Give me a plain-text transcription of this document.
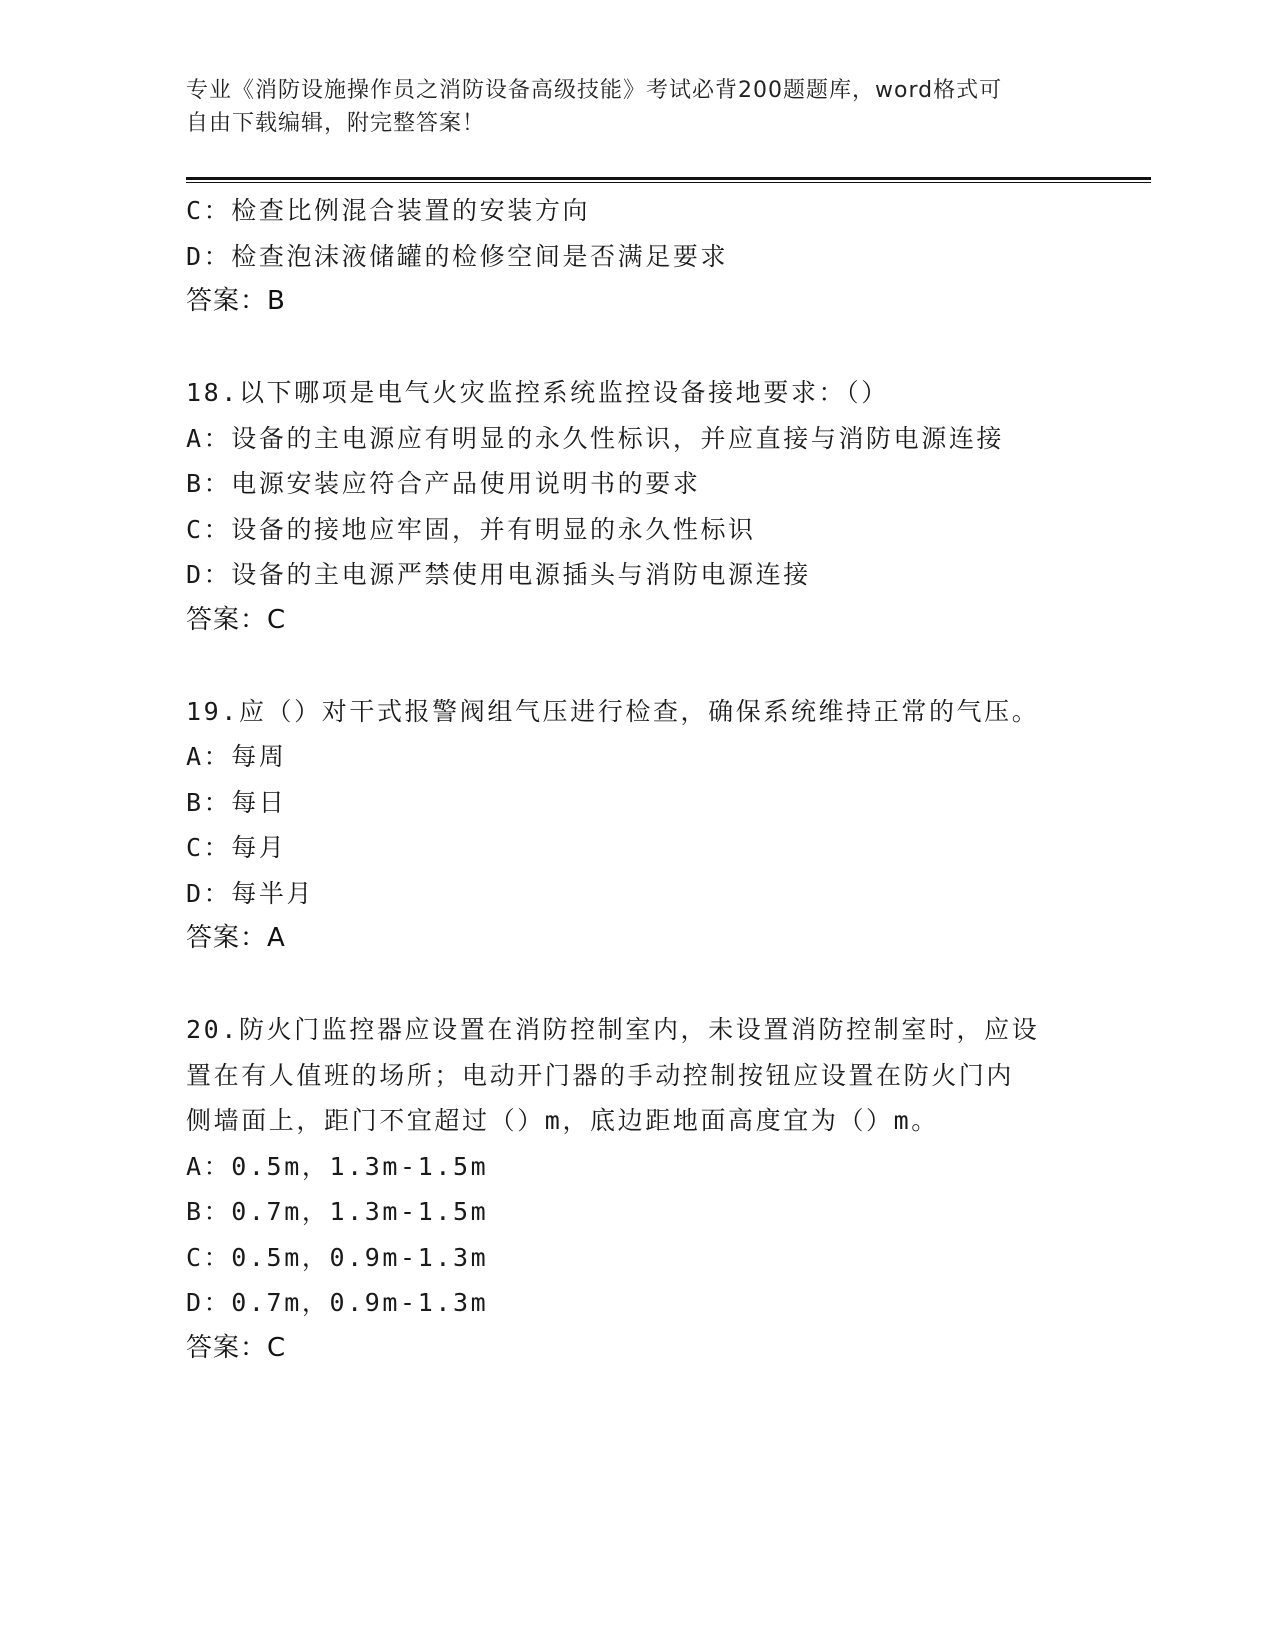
专业《消防设施操作员之消防设备高级技能》考试必背200题题库，word格式可
自由下载编辑，附完整答案！
C：检查比例混合装置的安装方向
D：检查泡沫液储罐的检修空间是否满足要求
答案：B
18.以下哪项是电气火灾监控系统监控设备接地要求：（）
A：设备的主电源应有明显的永久性标识，并应直接与消防电源连接
B：电源安装应符合产品使用说明书的要求
C：设备的接地应牢固，并有明显的永久性标识
D：设备的主电源严禁使用电源插头与消防电源连接
答案：C
19.应（）对干式报警阀组气压进行检查，确保系统维持正常的气压。
A：每周
B：每日
C：每月
D：每半月
答案：A
20.防火门监控器应设置在消防控制室内，未设置消防控制室时，应设
置在有人值班的场所；电动开门器的手动控制按钮应设置在防火门内
侧墙面上，距门不宜超过（）m，底边距地面高度宜为（）m。
A：0.5m，1.3m-1.5m
B：0.7m，1.3m-1.5m
C：0.5m，0.9m-1.3m
D：0.7m，0.9m-1.3m
答案：C
